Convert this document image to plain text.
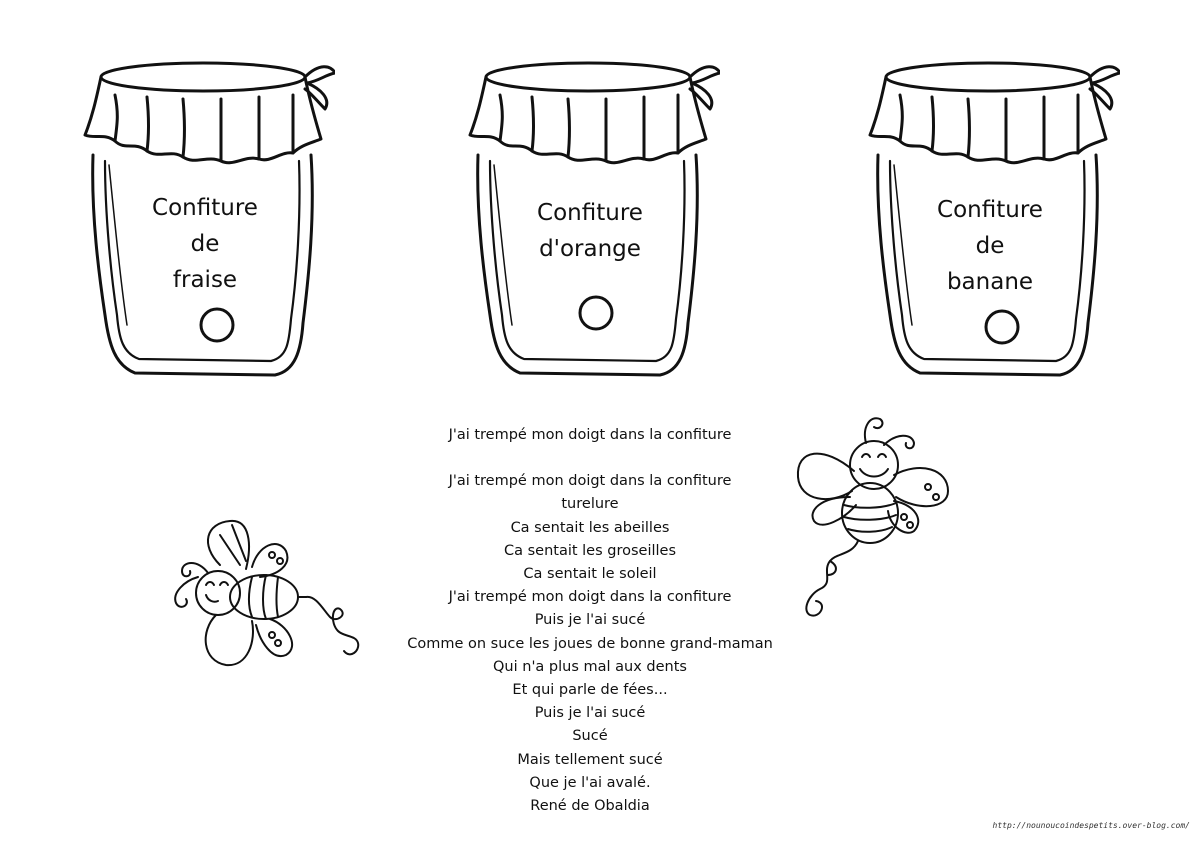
Confiture
de
fraise
Confiture
d'orange
Confiture
de
banane
J'ai trempé mon doigt dans la confiture
J'ai trempé mon doigt dans la confiture
turelure
Ca sentait les abeilles
Ca sentait les groseilles
Ca sentait le soleil
J'ai trempé mon doigt dans la confiture
Puis je l'ai sucé
Comme on suce les joues de bonne grand-maman
Qui n'a plus mal aux dents
Et qui parle de fées...
Puis je l'ai sucé
Sucé
Mais tellement sucé
Que je l'ai avalé.
René de Obaldia
http://nounoucoindespetits.over-blog.com/
